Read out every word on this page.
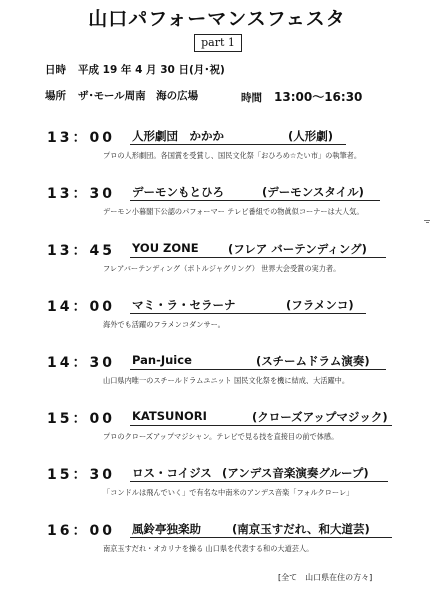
山口パフォーマンスフェスタ
part 1
日時 平成 19 年 4 月 30 日(月･祝)
場所 ザ･モール周南　海の広場	時間 13:00〜16:30
13：00 人形劇団　かかか	(人形劇)
プロの人形劇団。各国賞を受賞し、国民文化祭「おひろめ☆たい市」の執筆者。
13：30 デーモンもとひろ	(デーモンスタイル)
デーモン小暮閣下公認のパフォーマー テレビ番組での物眞似コーナーは大人気。
13：45 YOU ZONE	(フレア バーテンディング)
フレアバーテンディング（ボトルジャグリング） 世界大会受賞の実力者。
14：00 マミ・ラ・セラーナ	(フラメンコ)
海外でも活躍のフラメンコダンサー。
14：30 Pan-Juice	(スチームドラム演奏)
山口県内唯一のスチールドラムユニット 国民文化祭を機に結成、大活躍中。
15：00 KATSUNORI	(クローズアップマジック)
プロのクローズアップマジシャン。テレビで見る技を直接目の前で体感。
15：30 ロス・コイジス (アンデス音楽演奏グループ)
「コンドルは飛んでいく」で有名な中南米のアンデス音楽「フォルクローレ」
16：00 風鈴亭独楽助	(南京玉すだれ、和大道芸)
南京玉すだれ・オカリナを操る 山口県を代表する和の大道芸人。
[全て　山口県在住の方々]
